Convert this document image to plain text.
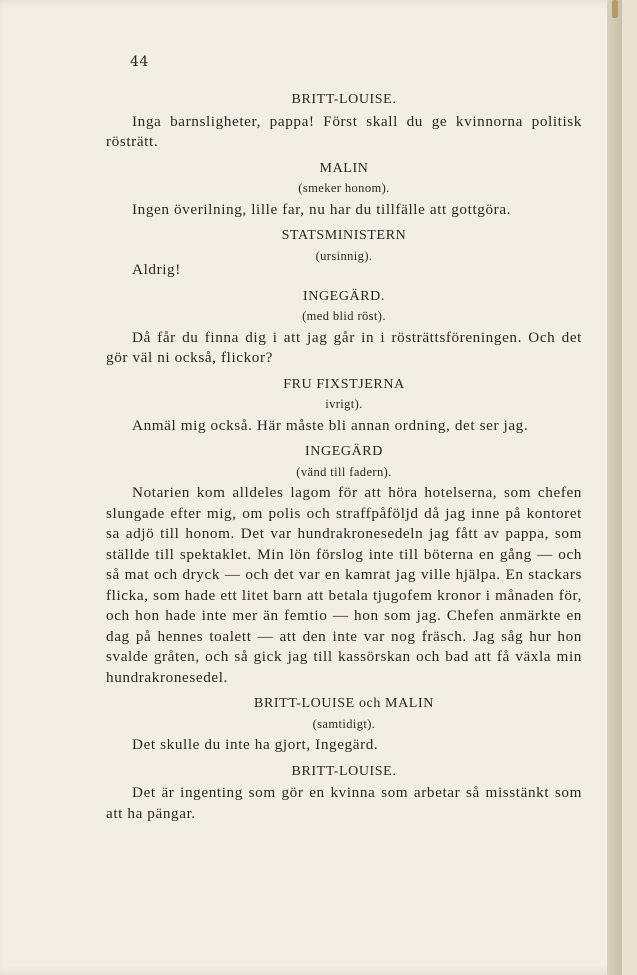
44
BRITT-LOUISE.
Inga barnsligheter, pappa! Först skall du ge kvinnorna politisk rösträtt.
MALIN
(smeker honom).
Ingen överilning, lille far, nu har du tillfälle att gottgöra.
STATSMINISTERN
(ursinnig).
Aldrig!
INGEGÄRD.
(med blid röst).
Då får du finna dig i att jag går in i rösträttsföreningen. Och det gör väl ni också, flickor?
FRU FIXSTJERNA
ivrigt).
Anmäl mig också. Här måste bli annan ordning, det ser jag.
INGEGÄRD
(vänd till fadern).
Notarien kom alldeles lagom för att höra hotelserna, som chefen slungade efter mig, om polis och straffpåföljd då jag inne på kontoret sa adjö till honom. Det var hundrakronesedeln jag fått av pappa, som ställde till spektaklet. Min lön förslog inte till böterna en gång — och så mat och dryck — och det var en kamrat jag ville hjälpa. En stackars flicka, som hade ett litet barn att betala tjugofem kronor i månaden för, och hon hade inte mer än femtio — hon som jag. Chefen anmärkte en dag på hennes toalett — att den inte var nog fräsch. Jag såg hur hon svalde gråten, och så gick jag till kassörskan och bad att få växla min hundrakronesedel.
BRITT-LOUISE och MALIN
(samtidigt).
Det skulle du inte ha gjort, Ingegärd.
BRITT-LOUISE.
Det är ingenting som gör en kvinna som arbetar så misstänkt som att ha pängar.
